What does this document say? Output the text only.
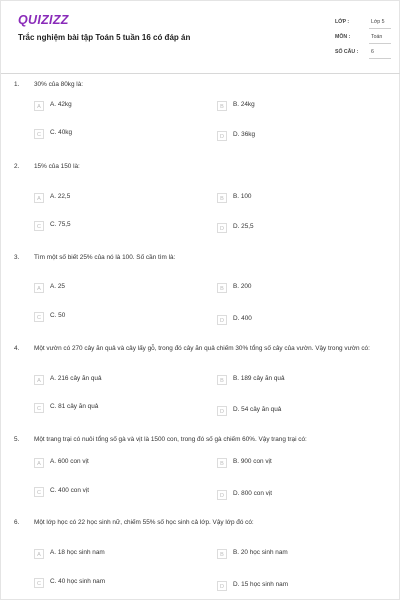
QUIZIZZ
Trắc nghiệm bài tập Toán 5 tuần 16 có đáp án
LỚP :	Lớp 5
MÔN :	Toán
SỐ CÂU : 6
1. 30% của 80kg là:
A	A. 42kg	B	B. 24kg
C	C. 40kg
D	D. 36kg
2. 15% của 150 là:
A	A. 22,5	B	B. 100
C	C. 75,5
D	D. 25,5
3. Tìm một số biết 25% của nó là 100. Số cần tìm là:
A	A. 25	B	B. 200
C	C. 50
D	D. 400
4. Một vườn có 270 cây ăn quả và cây lấy gỗ, trong đó cây ăn quả chiếm 30% tổng số cây của vườn. Vậy trong vườn có:
A	A. 216 cây ăn quả	B	B. 189 cây ăn quả
C	C. 81 cây ăn quả
D	D. 54 cây ăn quả
5. Một trang trại có nuôi tổng số gà và vịt là 1500 con, trong đó số gà chiếm 60%. Vậy trang trại có:
A	A. 600 con vịt	B	B. 900 con vịt
C	C. 400 con vịt
D	D. 800 con vịt
6. Một lớp học có 22 học sinh nữ, chiếm 55% số học sinh cả lớp. Vậy lớp đó có:
A	A. 18 học sinh nam	B	B. 20 học sinh nam
C	C. 40 học sinh nam
D	D. 15 học sinh nam
